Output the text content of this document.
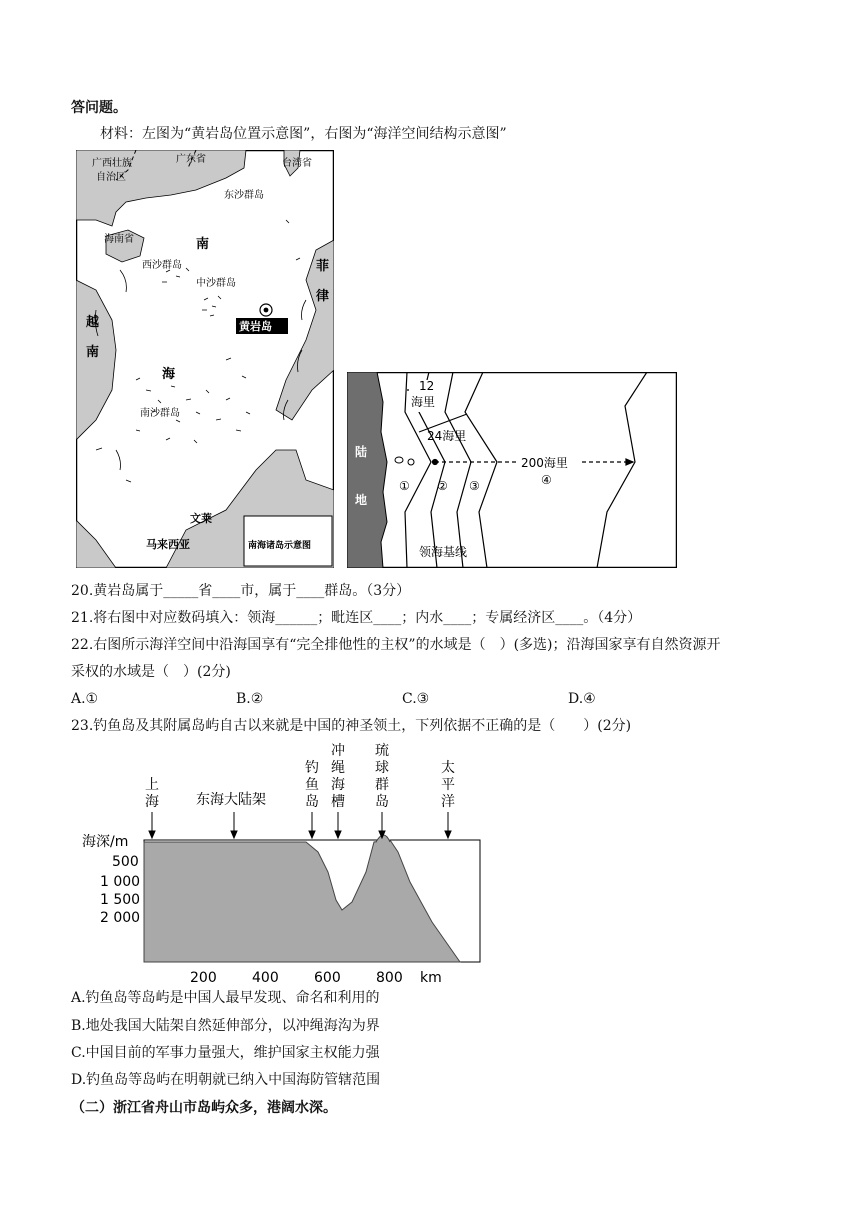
答问题。
材料：左图为“黄岩岛位置示意图”，右图为“海洋空间结构示意图”
广西壮族
自治区
广东省	台湾省
东沙群岛
海南省
西沙群岛
中沙群岛
南沙群岛
南
海
越
南
菲
律
文莱
马来西亚
黄岩岛
南海诸岛示意图
陆
地
12
海里
24海里
200海里
① ② ③	④
领海基线
20.黄岩岛属于_____省____市，属于____群岛。（3分）
21.将右图中对应数码填入：领海______；毗连区____；内水____；专属经济区____。（4分）
22.右图所示海洋空间中沿海国享有“完全排他性的主权”的水域是（　）(多选)；沿海国家享有自然资源开
采权的水域是（　）(2分)
A.①	B.②	C.③	D.④
23.钓鱼岛及其附属岛屿自古以来就是中国的神圣领土，下列依据不正确的是（　　）(2分)
东海大陆架
海深/m
500
1 000
1 500
2 000
200	400	600	800 km
上海
钓鱼岛
冲绳海槽
琉球群岛
太平洋
A.钓鱼岛等岛屿是中国人最早发现、命名和利用的
B.地处我国大陆架自然延伸部分，以冲绳海沟为界
C.中国目前的军事力量强大，维护国家主权能力强
D.钓鱼岛等岛屿在明朝就已纳入中国海防管辖范围
（二）浙江省舟山市岛屿众多，港阔水深。
